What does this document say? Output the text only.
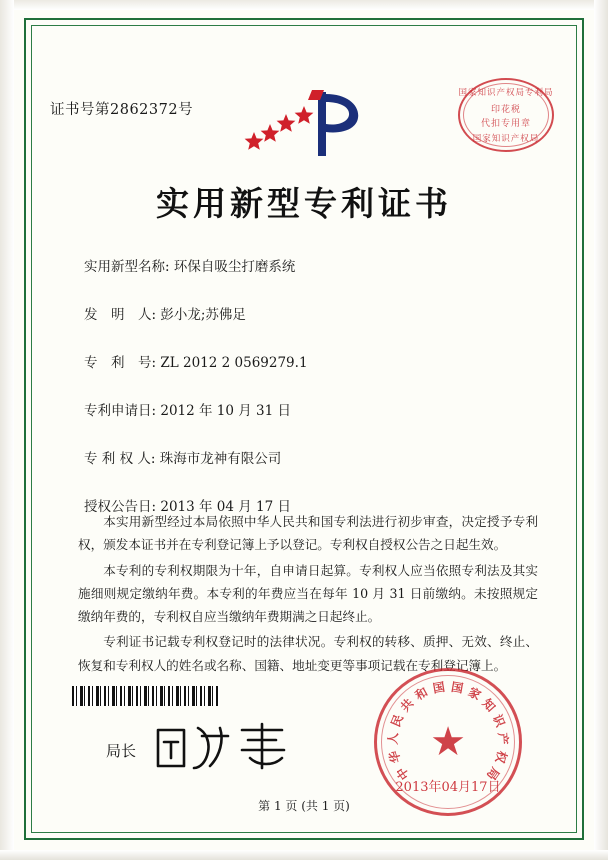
证书号第2862372号
国家知识产权局专利局
印花税
代扣专用章
国家知识产权局
实用新型专利证书
实用新型名称: 环保自吸尘打磨系统
发　明　人: 彭小龙;苏佛足
专　利　号: ZL 2012 2 0569279.1
专利申请日: 2012 年 10 月 31 日
专 利 权 人: 珠海市龙神有限公司
授权公告日: 2013 年 04 月 17 日
本实用新型经过本局依照中华人民共和国专利法进行初步审查，决定授予专利权，颁发本证书并在专利登记簿上予以登记。专利权自授权公告之日起生效。
本专利的专利权期限为十年，自申请日起算。专利权人应当依照专利法及其实施细则规定缴纳年费。本专利的年费应当在每年 10 月 31 日前缴纳。未按照规定缴纳年费的，专利权自应当缴纳年费期满之日起终止。
专利证书记载专利权登记时的法律状况。专利权的转移、质押、无效、终止、恢复和专利权人的姓名或名称、国籍、地址变更等事项记载在专利登记簿上。
局长	★
中
华
人
民
共
和 国 国 家
知
识
产
权
局
2013年04月17日
第 1 页 (共 1 页)
